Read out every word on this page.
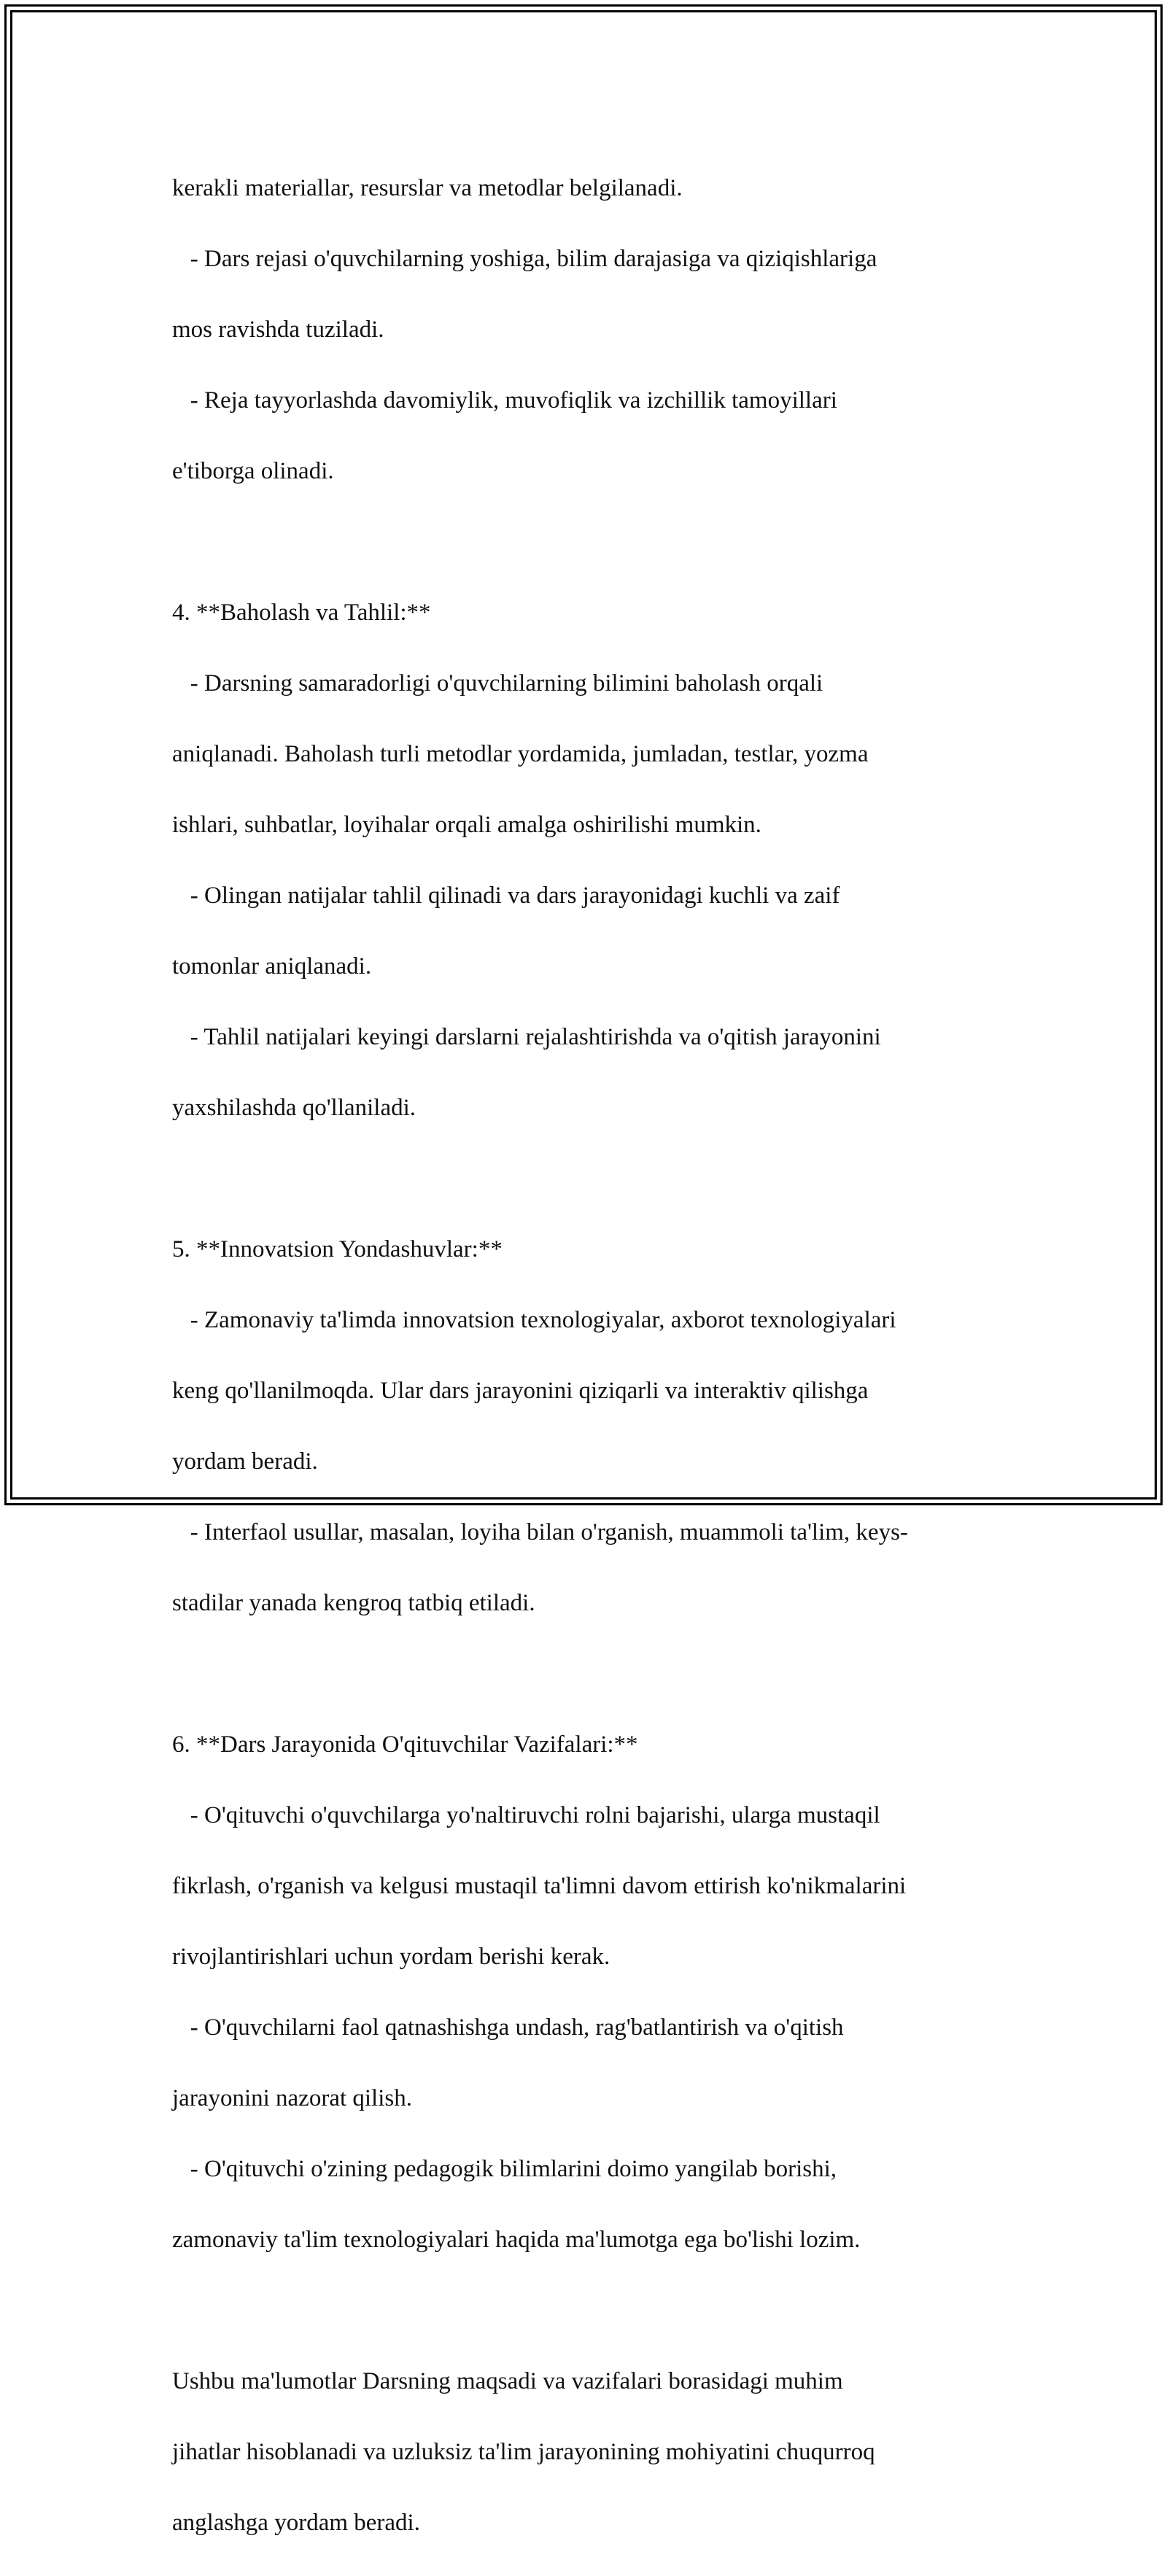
kerakli materiallar, resurslar va metodlar belgilanadi.

- Dars rejasi o'quvchilarning yoshiga, bilim darajasiga va qiziqishlariga

mos ravishda tuziladi.

- Reja tayyorlashda davomiylik, muvofiqlik va izchillik tamoyillari

e'tiborga olinadi.

4. **Baholash va Tahlil:**

- Darsning samaradorligi o'quvchilarning bilimini baholash orqali

aniqlanadi. Baholash turli metodlar yordamida, jumladan, testlar, yozma

ishlari, suhbatlar, loyihalar orqali amalga oshirilishi mumkin.

- Olingan natijalar tahlil qilinadi va dars jarayonidagi kuchli va zaif

tomonlar aniqlanadi.

- Tahlil natijalari keyingi darslarni rejalashtirishda va o'qitish jarayonini

yaxshilashda qo'llaniladi.

5. **Innovatsion Yondashuvlar:**

- Zamonaviy ta'limda innovatsion texnologiyalar, axborot texnologiyalari

keng qo'llanilmoqda. Ular dars jarayonini qiziqarli va interaktiv qilishga

yordam beradi.

- Interfaol usullar, masalan, loyiha bilan o'rganish, muammoli ta'lim, keys-

stadilar yanada kengroq tatbiq etiladi.

6. **Dars Jarayonida O'qituvchilar Vazifalari:**

- O'qituvchi o'quvchilarga yo'naltiruvchi rolni bajarishi, ularga mustaqil

fikrlash, o'rganish va kelgusi mustaqil ta'limni davom ettirish ko'nikmalarini

rivojlantirishlari uchun yordam berishi kerak.

- O'quvchilarni faol qatnashishga undash, rag'batlantirish va o'qitish

jarayonini nazorat qilish.

- O'qituvchi o'zining pedagogik bilimlarini doimo yangilab borishi,

zamonaviy ta'lim texnologiyalari haqida ma'lumotga ega bo'lishi lozim.

Ushbu ma'lumotlar Darsning maqsadi va vazifalari borasidagi muhim

jihatlar hisoblanadi va uzluksiz ta'lim jarayonining mohiyatini chuqurroq

anglashga yordam beradi.
